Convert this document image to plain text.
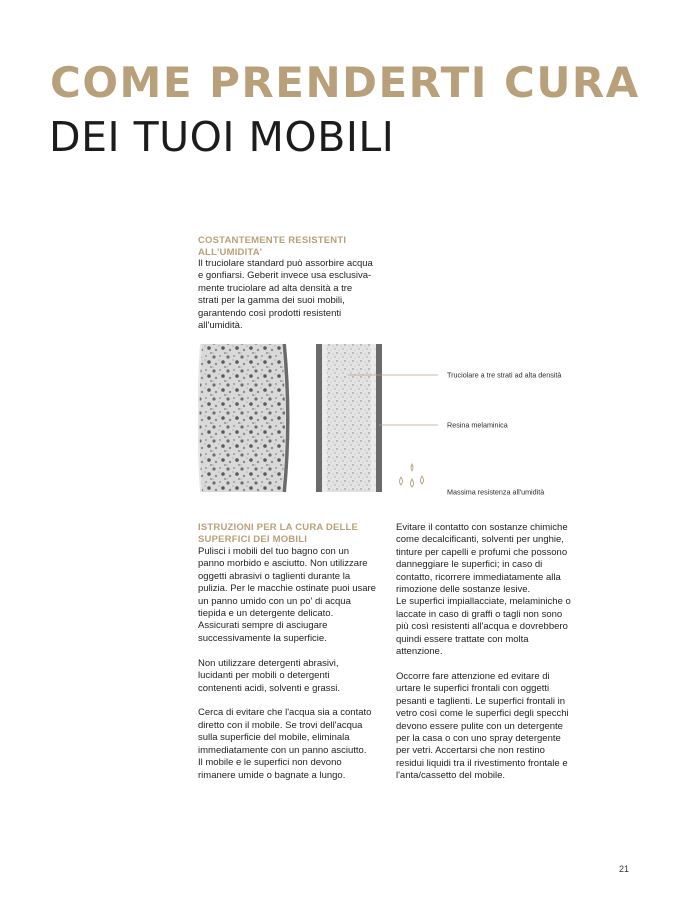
COME PRENDERTI CURA
DEI TUOI MOBILI
COSTANTEMENTE RESISTENTI
ALL'UMIDITA'
Il truciolare standard può assorbire acqua
e gonfiarsi. Geberit invece usa esclusiva-
mente truciolare ad alta densità a tre
strati per la gamma dei suoi mobili,
garantendo così prodotti resistenti
all'umidità.
Truciolare a tre strati ad alta densità
Resina melaminica
Massima resistenza all'umidità
ISTRUZIONI PER LA CURA DELLE
SUPERFICI DEI MOBILI
Pulisci i mobili del tuo bagno con un
panno morbido e asciutto. Non utilizzare
oggetti abrasivi o taglienti durante la
pulizia. Per le macchie ostinate puoi usare
un panno umido con un po' di acqua
tiepida e un detergente delicato.
Assicurati sempre di asciugare
successivamente la superficie.
Non utilizzare detergenti abrasivi,
lucidanti per mobili o detergenti
contenenti acidi, solventi e grassi.
Cerca di evitare che l'acqua sia a contato
diretto con il mobile. Se trovi dell'acqua
sulla superficie del mobile, eliminala
immediatamente con un panno asciutto.
Il mobile e le superfici non devono
rimanere umide o bagnate a lungo.
Evitare il contatto con sostanze chimiche
come decalcificanti, solventi per unghie,
tinture per capelli e profumi che possono
danneggiare le superfici; in caso di
contatto, ricorrere immediatamente alla
rimozione delle sostanze lesive.
Le superfici impiallacciate, melaminiche o
laccate in caso di graffi o tagli non sono
più così resistenti all'acqua e dovrebbero
quindi essere trattate con molta
attenzione.
Occorre fare attenzione ed evitare di
urtare le superfici frontali con oggetti
pesanti e taglienti. Le superfici frontali in
vetro così come le superfici degli specchi
devono essere pulite con un detergente
per la casa o con uno spray detergente
per vetri. Accertarsi che non restino
residui liquidi tra il rivestimento frontale e
l'anta/cassetto del mobile.
21
